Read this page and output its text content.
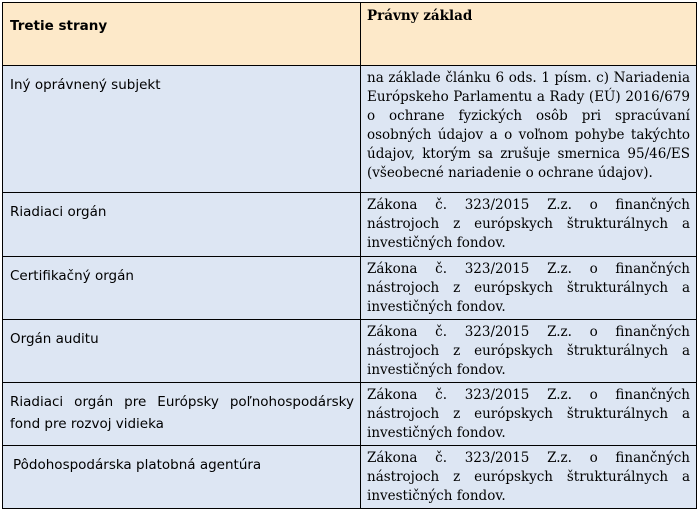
Tretie strany	Právny základ
Iný oprávnený subjekt	na základe článku 6 ods. 1 písm. c) Nariadenia Európskeho Parlamentu a Rady (EÚ) 2016/679 o ochrane fyzických osôb pri spracúvaní osobných údajov a o voľnom pohybe takýchto údajov, ktorým sa zrušuje smernica 95/46/ES (všeobecné nariadenie o ochrane údajov).
Riadiaci orgán	Zákona č. 323/2015 Z.z. o finančných nástrojoch z európskych štrukturálnych a investičných fondov.
Certifikačný orgán	Zákona č. 323/2015 Z.z. o finančných nástrojoch z európskych štrukturálnych a investičných fondov.
Orgán auditu	Zákona č. 323/2015 Z.z. o finančných nástrojoch z európskych štrukturálnych a investičných fondov.
Riadiaci orgán pre Európsky poľnohospodársky fond pre rozvoj vidieka	Zákona č. 323/2015 Z.z. o finančných nástrojoch z európskych štrukturálnych a investičných fondov.
Pôdohospodárska platobná agentúra	Zákona č. 323/2015 Z.z. o finančných nástrojoch z európskych štrukturálnych a investičných fondov.
